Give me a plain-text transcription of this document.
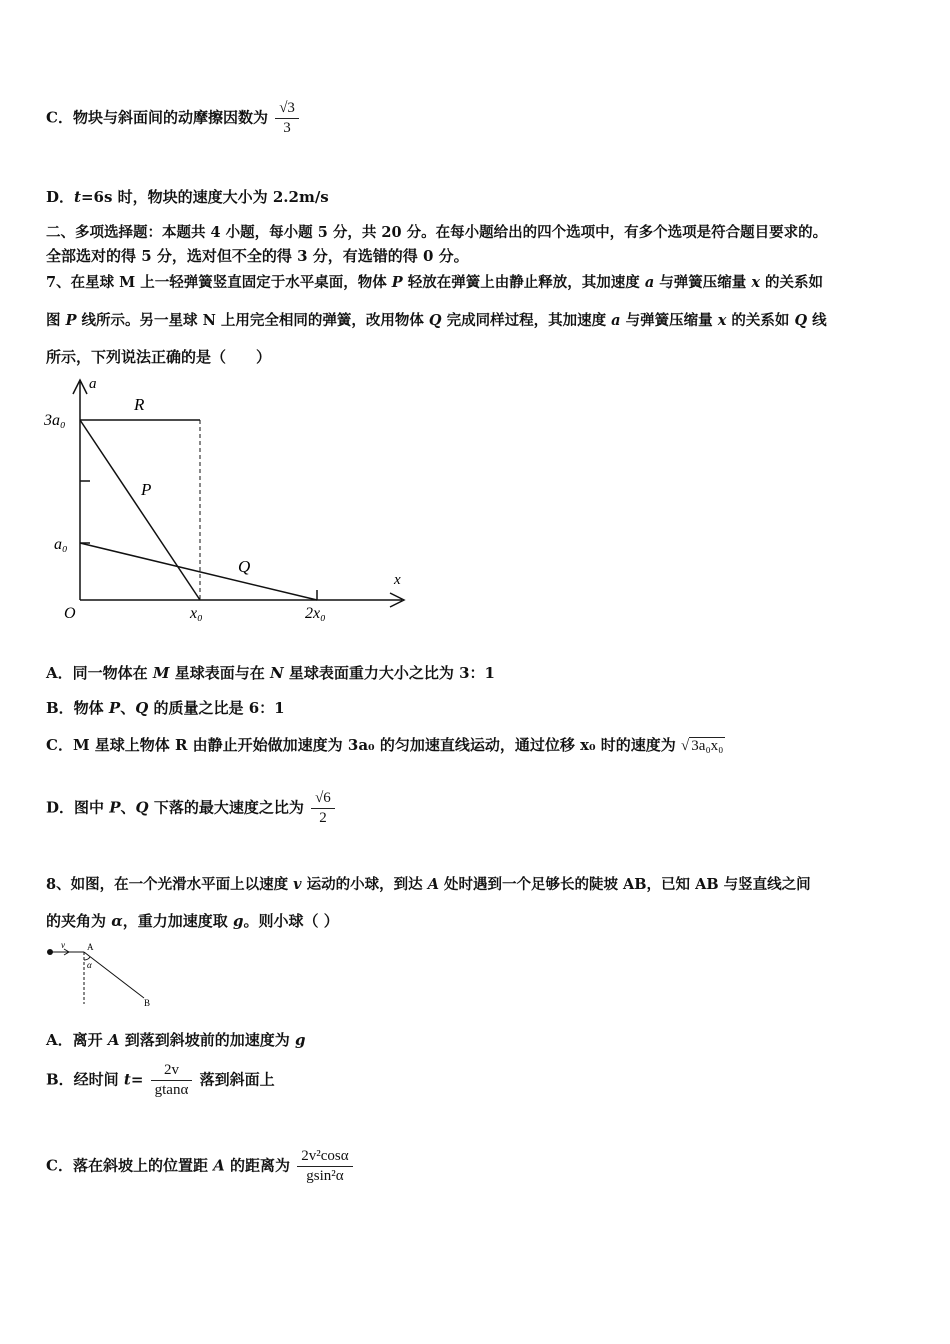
C．物块与斜面间的动摩擦因数为 $\frac{√3}{3}$
D．t=6s 时，物块的速度大小为 2.2m/s
二、多项选择题：本题共 4 小题，每小题 5 分，共 20 分。在每小题给出的四个选项中，有多个选项是符合题目要求的。
全部选对的得 5 分，选对但不全的得 3 分，有选错的得 0 分。
7、在星球 M 上一轻弹簧竖直固定于水平桌面，物体 P 轻放在弹簧上由静止释放，其加速度 a 与弹簧压缩量 x 的关系如
图 P 线所示。另一星球 N 上用完全相同的弹簧，改用物体 Q 完成同样过程，其加速度 a 与弹簧压缩量 x 的关系如 Q 线
所示，下列说法正确的是（　　）
a
3a₀
a₀
O	x₀	2x₀
x
R
P
Q
A．同一物体在 M 星球表面与在 N 星球表面重力大小之比为 3：1
B．物体 P、Q 的质量之比是 6：1
C．M 星球上物体 R 由静止开始做加速度为 3a₀ 的匀加速直线运动，通过位移 x₀ 时的速度为 √ 3a₀x₀
D．图中 P、Q 下落的最大速度之比为 $\frac{√6}{2}$
8、如图，在一个光滑水平面上以速度 v 运动的小球，到达 A 处时遇到一个足够长的陡坡 AB，已知 AB 与竖直线之间
的夹角为 α，重力加速度取 g。则小球（ ）
v A
α
B
A．离开 A 到落到斜坡前的加速度为 g
B．经时间 $t= \frac{2v}{gtan\alpha}$ 落到斜面上
C．落在斜坡上的位置距 A 的距离为 $\frac{\text{2v²cosα}}{\text{gsin²α}}$
